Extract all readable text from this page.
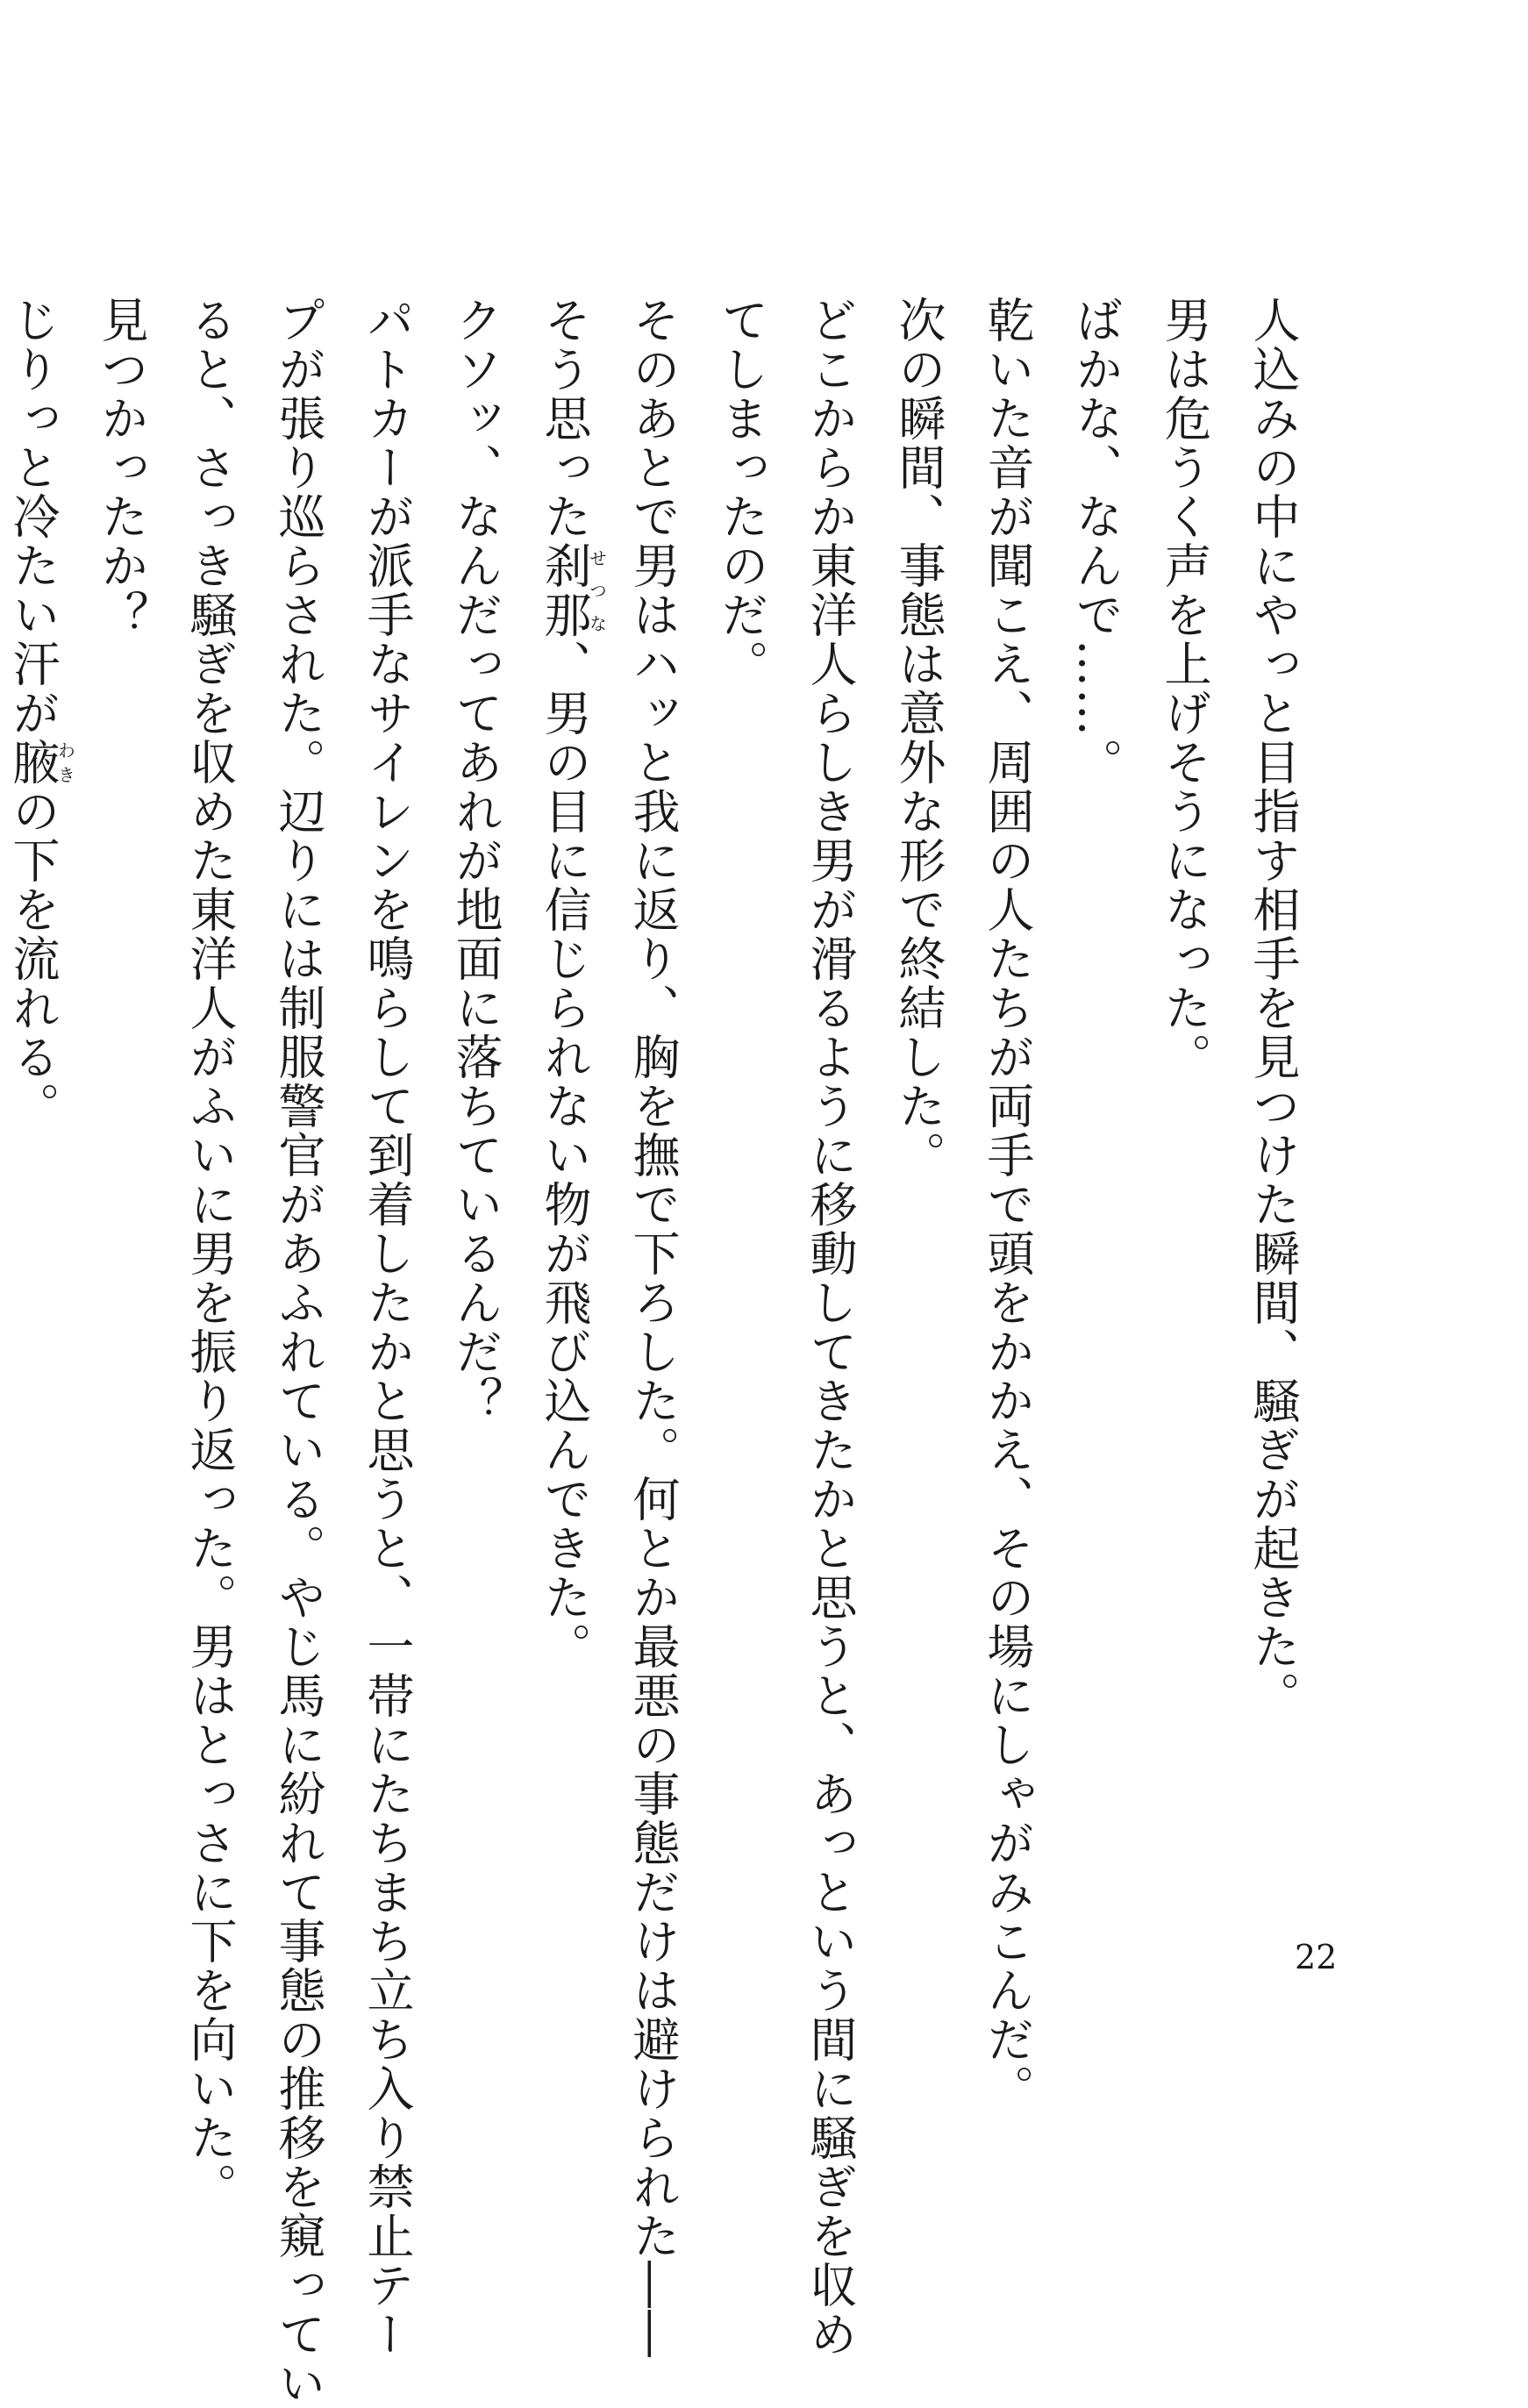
人込みの中にやっと目指す相手を見つけた瞬間、騒ぎが起きた。
男は危うく声を上げそうになった。
ばかな、なんで……。
乾いた音が聞こえ、周囲の人たちが両手で頭をかかえ、その場にしゃがみこんだ。
次の瞬間、事態は意外な形で終結した。
どこからか東洋人らしき男が滑るように移動してきたかと思うと、あっという間に騒ぎを収め
てしまったのだ。
そのあとで男はハッと我に返り、胸を撫で下ろした。何とか最悪の事態だけは避けられた――
そう思った刹那せつな、男の目に信じられない物が飛び込んできた。
クソッ、なんだってあれが地面に落ちているんだ？
パトカーが派手なサイレンを鳴らして到着したかと思うと、一帯にたちまち立ち入り禁止テー
プが張り巡らされた。辺りには制服警官があふれている。やじ馬に紛れて事態の推移を窺ってい
ると、さっき騒ぎを収めた東洋人がふいに男を振り返った。男はとっさに下を向いた。
見つかったか？
じりっと冷たい汗が腋わきの下を流れる。
22
